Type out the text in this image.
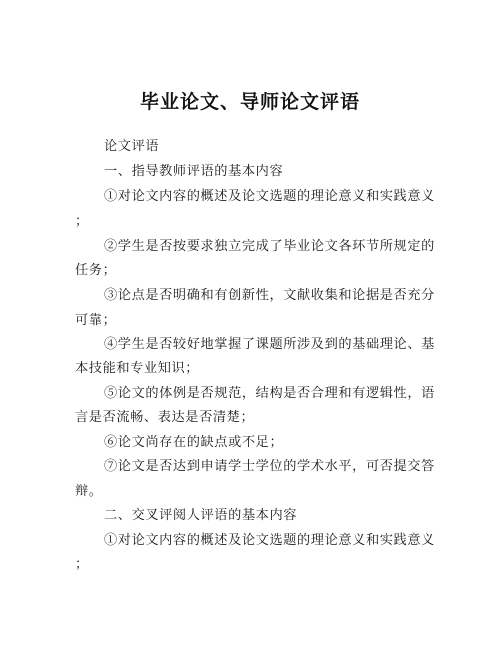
毕业论文、导师论文评语
论文评语
一、指导教师评语的基本内容
①对论文内容的概述及论文选题的理论意义和实践意义
；
②学生是否按要求独立完成了毕业论文各环节所规定的
任务；
③论点是否明确和有创新性，文献收集和论据是否充分
可靠；
④学生是否较好地掌握了课题所涉及到的基础理论、基
本技能和专业知识；
⑤论文的体例是否规范，结构是否合理和有逻辑性，语
言是否流畅、表达是否清楚；
⑥论文尚存在的缺点或不足；
⑦论文是否达到申请学士学位的学术水平，可否提交答
辩。
二、交叉评阅人评语的基本内容
①对论文内容的概述及论文选题的理论意义和实践意义
；
